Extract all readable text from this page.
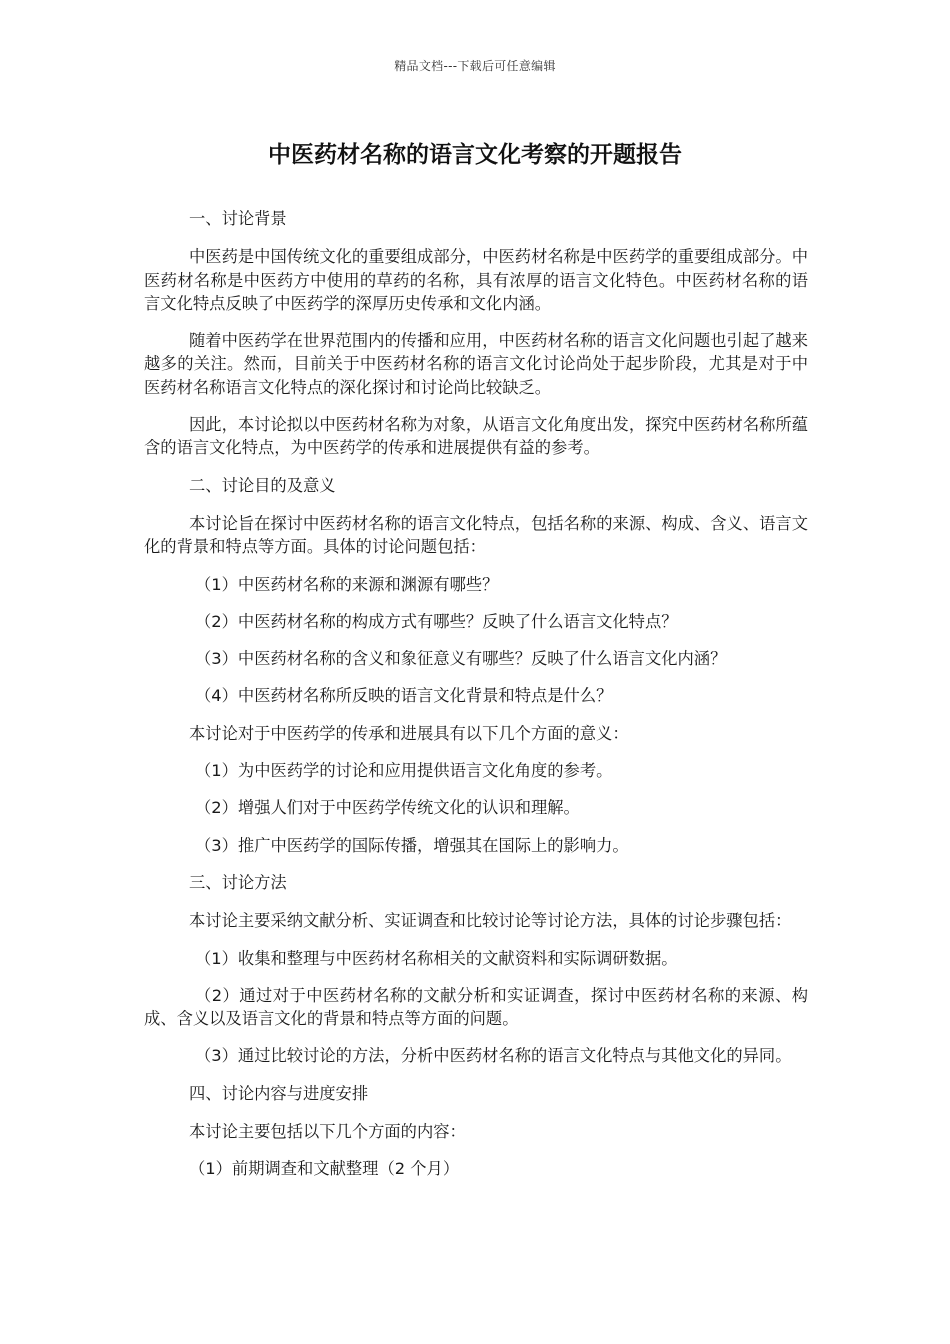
精品文档---下载后可任意编辑
中医药材名称的语言文化考察的开题报告

一、讨论背景

中医药是中国传统文化的重要组成部分，中医药材名称是中医药学的重要组成部分。中医药材名称是中医药方中使用的草药的名称，具有浓厚的语言文化特色。中医药材名称的语言文化特点反映了中医药学的深厚历史传承和文化内涵。

随着中医药学在世界范围内的传播和应用，中医药材名称的语言文化问题也引起了越来越多的关注。然而，目前关于中医药材名称的语言文化讨论尚处于起步阶段，尤其是对于中医药材名称语言文化特点的深化探讨和讨论尚比较缺乏。

因此，本讨论拟以中医药材名称为对象，从语言文化角度出发，探究中医药材名称所蕴含的语言文化特点，为中医药学的传承和进展提供有益的参考。

二、讨论目的及意义

本讨论旨在探讨中医药材名称的语言文化特点，包括名称的来源、构成、含义、语言文化的背景和特点等方面。具体的讨论问题包括：

（1）中医药材名称的来源和渊源有哪些？

（2）中医药材名称的构成方式有哪些？反映了什么语言文化特点？

（3）中医药材名称的含义和象征意义有哪些？反映了什么语言文化内涵？

（4）中医药材名称所反映的语言文化背景和特点是什么？

本讨论对于中医药学的传承和进展具有以下几个方面的意义：

（1）为中医药学的讨论和应用提供语言文化角度的参考。

（2）增强人们对于中医药学传统文化的认识和理解。

（3）推广中医药学的国际传播，增强其在国际上的影响力。

三、讨论方法

本讨论主要采纳文献分析、实证调查和比较讨论等讨论方法，具体的讨论步骤包括：

（1）收集和整理与中医药材名称相关的文献资料和实际调研数据。

（2）通过对于中医药材名称的文献分析和实证调查，探讨中医药材名称的来源、构成、含义以及语言文化的背景和特点等方面的问题。

（3）通过比较讨论的方法，分析中医药材名称的语言文化特点与其他文化的异同。

四、讨论内容与进度安排

本讨论主要包括以下几个方面的内容：

（1）前期调查和文献整理（2 个月）
